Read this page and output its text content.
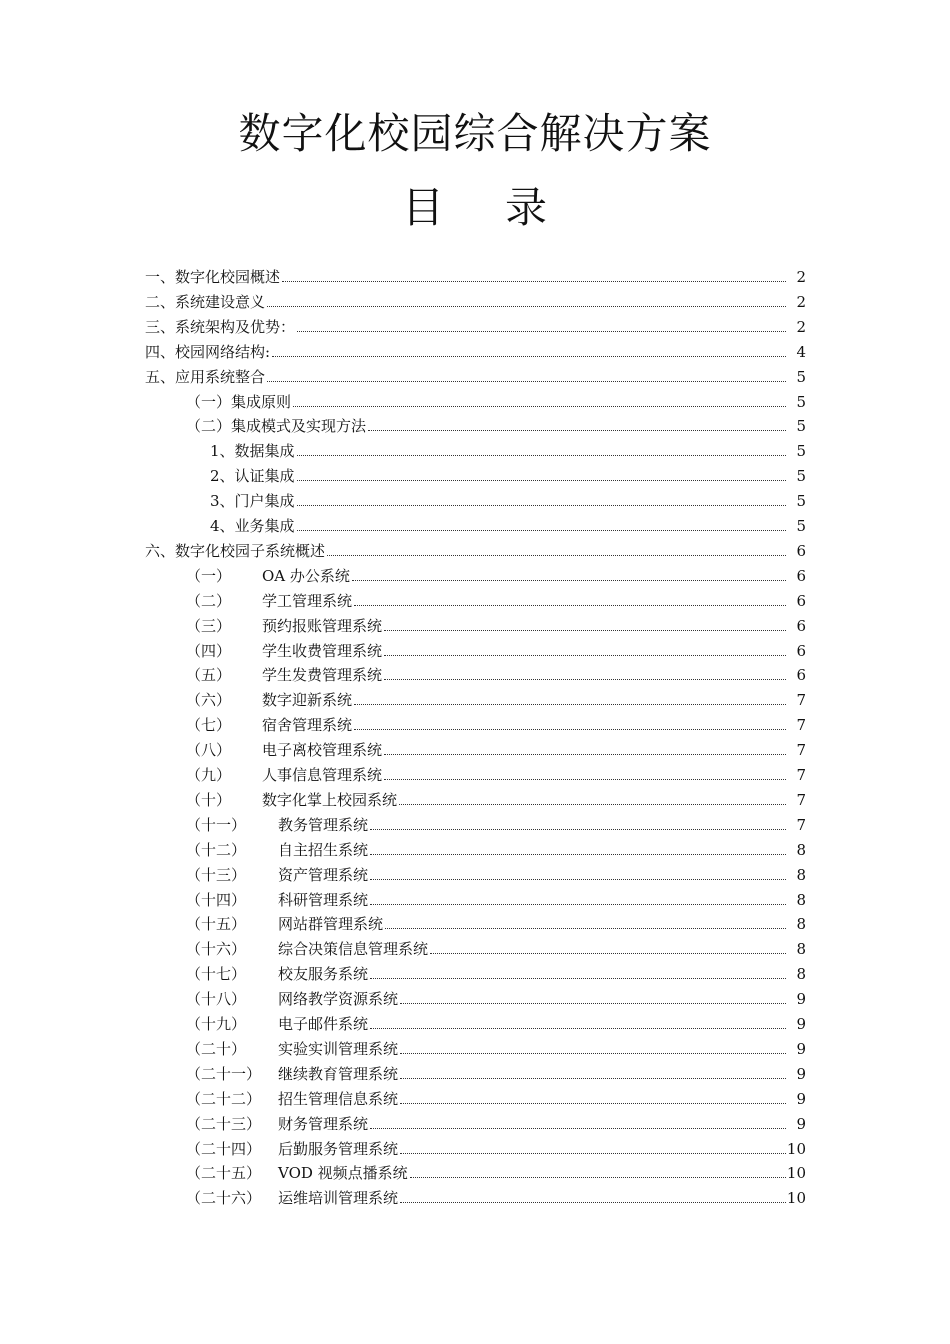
数字化校园综合解决方案
目 录
一、数字化校园概述	2
二、系统建设意义	2
三、系统架构及优势：	2
四、校园网络结构:	4
五、应用系统整合	5
（一）集成原则	5
（二）集成模式及实现方法	5
1、数据集成	5
2、认证集成	5
3、门户集成	5
4、业务集成	5
六、数字化校园子系统概述	6
（一） OA 办公系统	6
（二） 学工管理系统	6
（三） 预约报账管理系统	6
（四） 学生收费管理系统	6
（五） 学生发费管理系统	6
（六） 数字迎新系统	7
（七） 宿舍管理系统	7
（八） 电子离校管理系统	7
（九） 人事信息管理系统	7
（十） 数字化掌上校园系统	7
（十一） 教务管理系统	7
（十二） 自主招生系统	8
（十三） 资产管理系统	8
（十四） 科研管理系统	8
（十五） 网站群管理系统	8
（十六） 综合决策信息管理系统	8
（十七） 校友服务系统	8
（十八） 网络教学资源系统	9
（十九） 电子邮件系统	9
（二十） 实验实训管理系统	9
（二十一） 继续教育管理系统	9
（二十二） 招生管理信息系统	9
（二十三） 财务管理系统	9
（二十四） 后勤服务管理系统	10
（二十五） VOD 视频点播系统	10
（二十六） 运维培训管理系统	10
